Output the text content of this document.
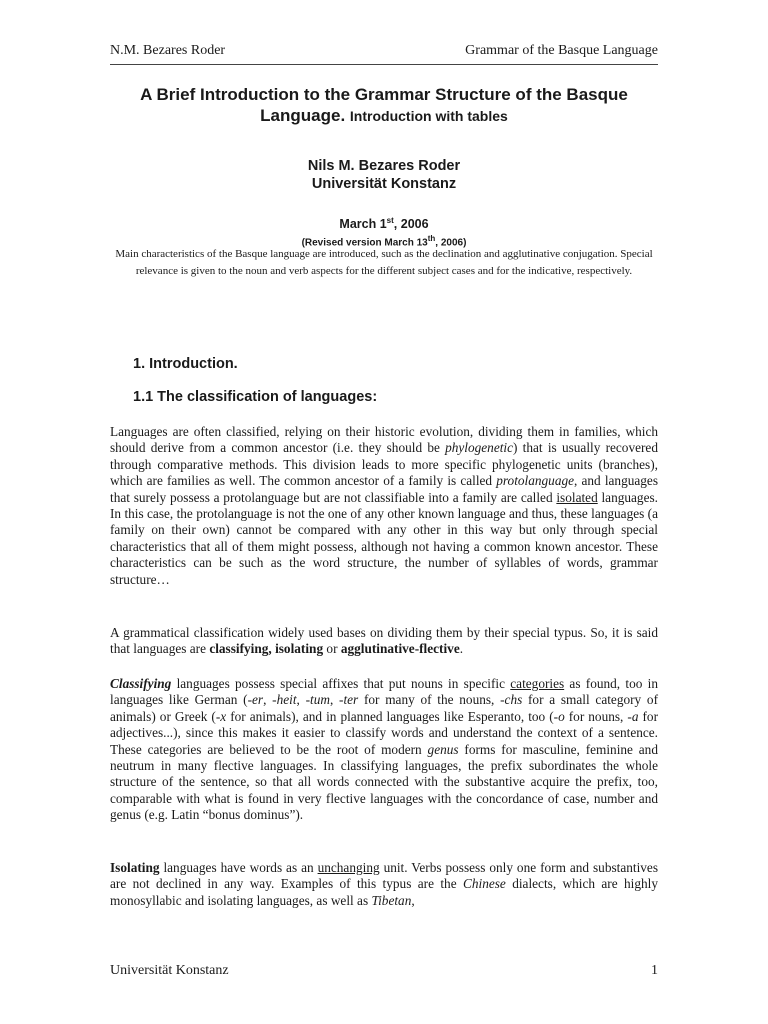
N.M. Bezares Roder	Grammar of the Basque Language
A Brief Introduction to the Grammar Structure of the Basque Language. Introduction with tables
Nils M. Bezares Roder
Universität Konstanz
March 1st, 2006
(Revised version March 13th, 2006)
Main characteristics of the Basque language are introduced, such as the declination and agglutinative conjugation. Special relevance is given to the noun and verb aspects for the different subject cases and for the indicative, respectively.
1. Introduction.
1.1 The classification of languages:

Languages are often classified, relying on their historic evolution, dividing them in families, which should derive from a common ancestor (i.e. they should be phylogenetic) that is usually recovered through comparative methods. This division leads to more specific phylogenetic units (branches), which are families as well. The common ancestor of a family is called protolanguage, and languages that surely possess a protolanguage but are not classifiable into a family are called isolated languages. In this case, the protolanguage is not the one of any other known language and thus, these languages (a family on their own) cannot be compared with any other in this way but only through special characteristics that all of them might possess, although not having a common known ancestor. These characteristics can be such as the word structure, the number of syllables of words, grammar structure…

A grammatical classification widely used bases on dividing them by their special typus. So, it is said that languages are classifying, isolating or agglutinative-flective.

Classifying languages possess special affixes that put nouns in specific categories as found, too in languages like German (-er, -heit, -tum, -ter for many of the nouns, -chs for a small category of animals) or Greek (-x for animals), and in planned languages like Esperanto, too (-o for nouns, -a for adjectives...), since this makes it easier to classify words and understand the context of a sentence. These categories are believed to be the root of modern genus forms for masculine, feminine and neutrum in many flective languages. In classifying languages, the prefix subordinates the whole structure of the sentence, so that all words connected with the substantive acquire the prefix, too, comparable with what is found in very flective languages with the concordance of case, number and genus (e.g. Latin “bonus dominus”).

Isolating languages have words as an unchanging unit. Verbs possess only one form and substantives are not declined in any way. Examples of this typus are the Chinese dialects, which are highly monosyllabic and isolating languages, as well as Tibetan,

Universität Konstanz	1
